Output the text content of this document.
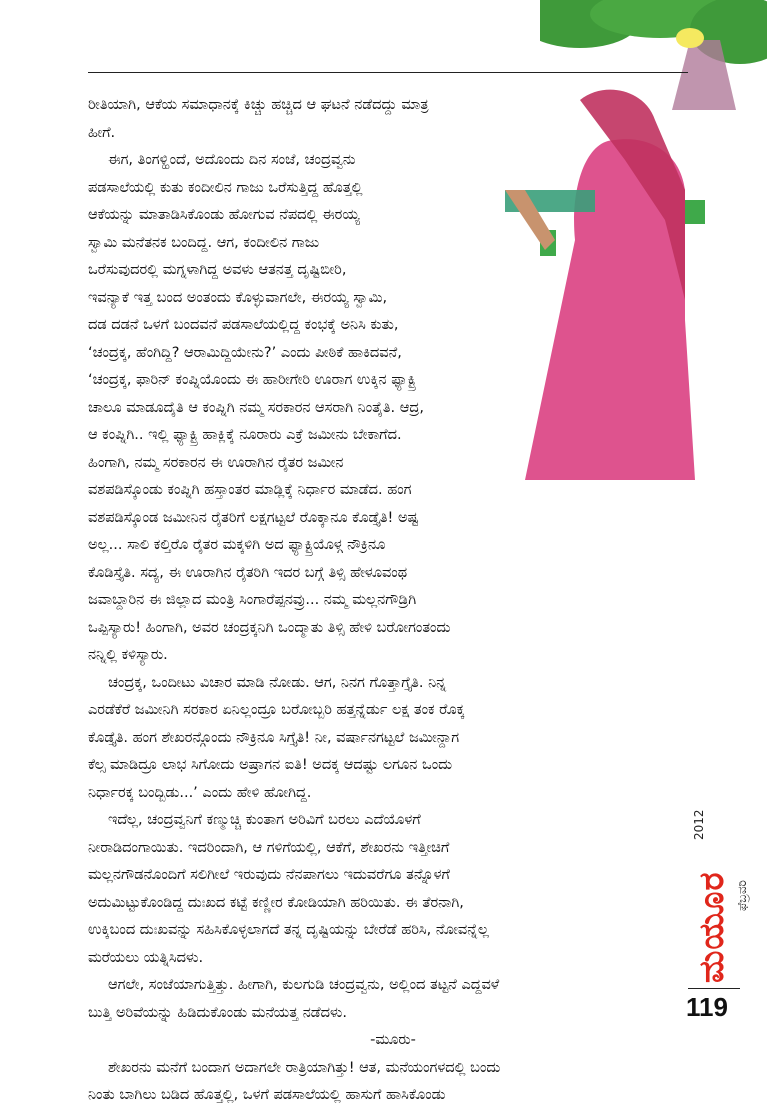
ರೀತಿಯಾಗಿ, ಆಕೆಯ ಸಮಾಧಾನಕ್ಕೆ ಕಿಚ್ಚು ಹಚ್ಚಿದ ಆ ಘಟನೆ ನಡೆದದ್ದು ಮಾತ್ರ
ಹೀಗೆ.
ಈಗ, ತಿಂಗಳ್ಹಿಂದೆ, ಅದೊಂದು ದಿನ ಸಂಜೆ, ಚಂದ್ರವ್ವನು
ಪಡಸಾಲೆಯಲ್ಲಿ ಕುತು ಕಂದೀಲಿನ ಗಾಜು ಒರೆಸುತ್ತಿದ್ದ ಹೊತ್ತಲ್ಲಿ
ಆಕೆಯನ್ನು ಮಾತಾಡಿಸಿಕೊಂಡು ಹೋಗುವ ನೆಪದಲ್ಲಿ ಈರಯ್ಯ
ಸ್ವಾಮಿ ಮನೆತನಕ ಬಂದಿದ್ದ. ಆಗ, ಕಂದೀಲಿನ ಗಾಜು
ಒರೆಸುವುದರಲ್ಲಿ ಮಗ್ನಳಾಗಿದ್ದ ಅವಳು ಆತನತ್ತ ದೃಷ್ಟಿಬೀರಿ,
ಇವನ್ಯಾಕೆ ಇತ್ತ ಬಂದ ಅಂತಂದು ಕೊಳ್ಳುವಾಗಲೇ, ಈರಯ್ಯ ಸ್ವಾಮಿ,
ದಡ ದಡನೆ ಒಳಗೆ ಬಂದವನೆ ಪಡಸಾಲೆಯಲ್ಲಿದ್ದ ಕಂಭಕ್ಕೆ ಅನಿಸಿ ಕುತು,
‘ಚಂದ್ರಕ್ಕ, ಹೆಂಗಿದ್ದಿ? ಆರಾಮಿದ್ದಿಯೇನು?’ ಎಂದು ಪೀಠಿಕೆ ಹಾಕಿದವನೆ,
‘ಚಂದ್ರಕ್ಕ, ಫಾರಿನ್ ಕಂಪ್ನಿಯೊಂದು ಈ ಹಾರೀಗೇರಿ ಊರಾಗ ಉಕ್ಕಿನ ಫ್ಯಾಕ್ಟ್ರಿ
ಚಾಲೂ ಮಾಡೂದೈತಿ ಆ ಕಂಪ್ನಿಗಿ ನಮ್ಮ ಸರಕಾರನ ಆಸರಾಗಿ ನಿಂತೈತಿ. ಆದ್ರ,
ಆ ಕಂಪ್ನಿಗಿ.. ಇಲ್ಲಿ ಫ್ಯಾಕ್ಟ್ರಿ ಹಾಕ್ಲಿಕ್ಕೆ ನೂರಾರು ಎಕ್ರೆ ಜಮೀನು ಬೇಕಾಗೆದ.
ಹಿಂಗಾಗಿ, ನಮ್ಮ ಸರಕಾರನ ಈ ಊರಾಗಿನ ರೈತರ ಜಮೀನ
ವಶಪಡಿಸ್ಕೊಂಡು ಕಂಪ್ನಿಗಿ ಹಸ್ತಾಂತರ ಮಾಡ್ಲಿಕ್ಕೆ ನಿರ್ಧಾರ ಮಾಡೆದ. ಹಂಗ
ವಶಪಡಿಸ್ಕೊಂಡ ಜಮೀನಿನ ರೈತರಿಗೆ ಲಕ್ಷಗಟ್ಟಲೆ ರೊಕ್ಕಾನೂ ಕೊಡ್ತೈತಿ! ಅಷ್ಟ
ಅಲ್ಲ... ಸಾಲಿ ಕಲ್ತಿರೊ ರೈತರ ಮಕ್ಕಳಿಗಿ ಅದ ಫ್ಯಾಕ್ಟ್ರಿಯೊಳ್ಗ ನೌಕ್ರಿನೂ
ಕೊಡಿಸ್ತೈತಿ. ಸದ್ಯ, ಈ ಊರಾಗಿನ ರೈತರಿಗಿ ಇದರ ಬಗ್ಗೆ ತಿಳ್ಸಿ ಹೇಳೂವಂಥ
ಜವಾಬ್ದಾರಿನ ಈ ಜಿಲ್ಲಾದ ಮಂತ್ರಿ ಸಿಂಗಾರೆಪ್ಪನವ್ರು... ನಮ್ಮ ಮಲ್ಲನಗೌಡ್ರಿಗಿ
ಒಪ್ಪಿಸ್ಯಾರು! ಹಿಂಗಾಗಿ, ಅವರ ಚಂದ್ರಕ್ಕನಿಗಿ ಒಂದ್ಮಾತು ತಿಳ್ಸಿ ಹೇಳಿ ಬರೋಗಂತಂದು
ನನ್ನಿಲ್ಲಿ ಕಳಿಸ್ಯಾರು.
ಚಂದ್ರಕ್ಕ, ಒಂದೀಟು ವಿಚಾರ ಮಾಡಿ ನೋಡು. ಆಗ, ನಿನಗ ಗೊತ್ತಾಗ್ತೈತಿ. ನಿನ್ನ
ಎರಡೆಕೆರೆ ಜಮೀನಿಗಿ ಸರಕಾರ ಏನಿಲ್ಲಂದ್ರೂ ಬರೋಬ್ಬರಿ ಹತ್ತನ್ನೆರ್ಡು ಲಕ್ಷ ತಂಕ ರೊಕ್ಕ
ಕೊಡ್ತೈತಿ. ಹಂಗ ಶೇಖರನ್ಗೊಂದು ನೌಕ್ರಿನೂ ಸಿಗ್ತೈತಿ! ನೀ, ವರ್ಷಾನಗಟ್ಟಲೆ ಜಮೀನ್ದಾಗ
ಕೆಲ್ಸ ಮಾಡಿದ್ರೂ ಲಾಭ ಸಿಗೋದು ಅಷ್ರಾಗನ ಐತಿ! ಅದಕ್ಕ ಆದಷ್ಟು ಲಗೂನ ಒಂದು
ನಿರ್ಧಾರಕ್ಕ ಬಂದ್ಬಿಡು...’ ಎಂದು ಹೇಳಿ ಹೋಗಿದ್ದ.
ಇದೆಲ್ಲ, ಚಂದ್ರವ್ವನಿಗೆ ಕಣ್ಮುಚ್ಚಿ ಕುಂತಾಗ ಅರಿವಿಗೆ ಬರಲು ಎದೆಯೊಳಗೆ
ನೀರಾಡಿದಂಗಾಯಿತು. ಇದರಿಂದಾಗಿ, ಆ ಗಳಿಗೆಯಲ್ಲಿ, ಆಕೆಗೆ, ಶೇಖರನು ಇತ್ತೀಚಿಗೆ
ಮಲ್ಲನಗೌಡನೊಂದಿಗೆ ಸಲಿಗೀಲೆ ಇರುವುದು ನೆನಪಾಗಲು ಇದುವರೆಗೂ ತನ್ನೊಳಗೆ
ಅದುಮಿಟ್ಟುಕೊಂಡಿದ್ದ ದುಃಖದ ಕಟ್ಟೆ ಕಣ್ಣೀರ ಕೋಡಿಯಾಗಿ ಹರಿಯಿತು. ಈ ತೆರನಾಗಿ,
ಉಕ್ಕಿಬಂದ ದುಃಖವನ್ನು ಸಹಿಸಿಕೊಳ್ಳಲಾಗದೆ ತನ್ನ ದೃಷ್ಟಿಯನ್ನು ಬೇರೆಡೆ ಹರಿಸಿ, ನೋವನ್ನೆಲ್ಲ
ಮರೆಯಲು ಯತ್ನಿಸಿದಳು.
ಆಗಲೇ, ಸಂಜೆಯಾಗುತ್ತಿತ್ತು. ಹೀಗಾಗಿ, ಕುಲಗುಡಿ ಚಂದ್ರವ್ವನು, ಅಲ್ಲಿಂದ ತಟ್ಟನೆ ಎದ್ದವಳೆ
ಬುತ್ತಿ ಅರಿವೆಯನ್ನು ಹಿಡಿದುಕೊಂಡು ಮನೆಯತ್ತ ನಡೆದಳು.
-ಮೂರು-
ಶೇಖರನು ಮನೆಗೆ ಬಂದಾಗ ಅದಾಗಲೇ ರಾತ್ರಿಯಾಗಿತ್ತು! ಆತ, ಮನೆಯಂಗಳದಲ್ಲಿ ಬಂದು
ನಿಂತು ಬಾಗಿಲು ಬಡಿದ ಹೊತ್ತಲ್ಲಿ, ಒಳಗೆ ಪಡಸಾಲೆಯಲ್ಲಿ ಹಾಸುಗೆ ಹಾಸಿಕೊಂಡು
2012
ಮಯೂರ ಫೆಬ್ರವರಿ
119
